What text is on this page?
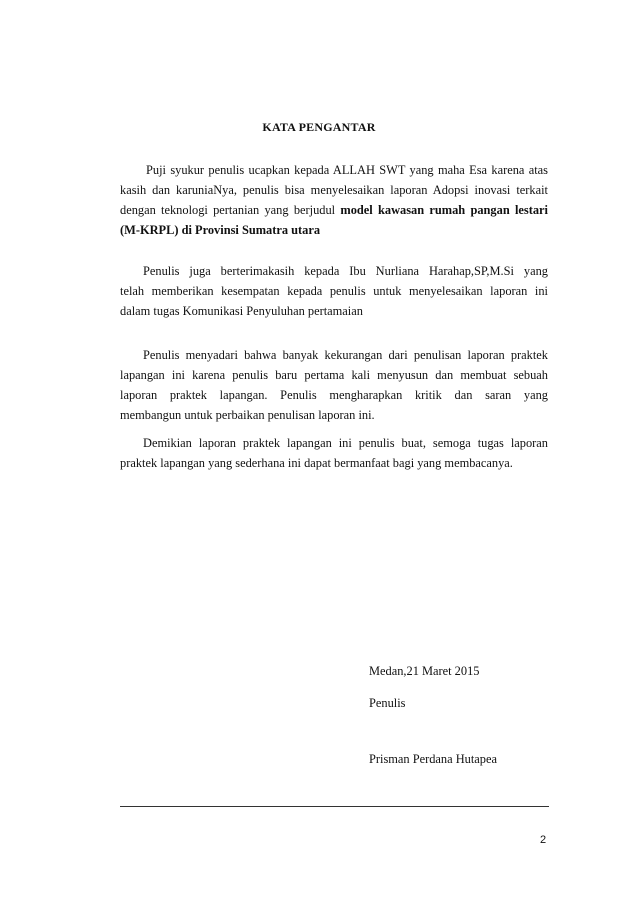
KATA PENGANTAR
Puji syukur penulis ucapkan kepada ALLAH SWT yang maha Esa karena atas
kasih dan karuniaNya, penulis bisa menyelesaikan laporan Adopsi inovasi terkait
dengan teknologi pertanian yang berjudul model kawasan rumah pangan lestari
(M-KRPL) di Provinsi Sumatra utara
Penulis juga berterimakasih kepada Ibu Nurliana Harahap,SP,M.Si yang
telah memberikan kesempatan kepada penulis untuk menyelesaikan laporan ini
dalam tugas Komunikasi Penyuluhan pertamaian
Penulis menyadari bahwa banyak kekurangan dari penulisan laporan praktek
lapangan ini karena penulis baru pertama kali menyusun dan membuat sebuah
laporan praktek lapangan. Penulis mengharapkan kritik dan saran yang
membangun untuk perbaikan penulisan laporan ini.
Demikian laporan praktek lapangan ini penulis buat, semoga tugas laporan
praktek lapangan yang sederhana ini dapat bermanfaat bagi yang membacanya.
Medan,21 Maret 2015
Penulis
Prisman Perdana Hutapea
2
